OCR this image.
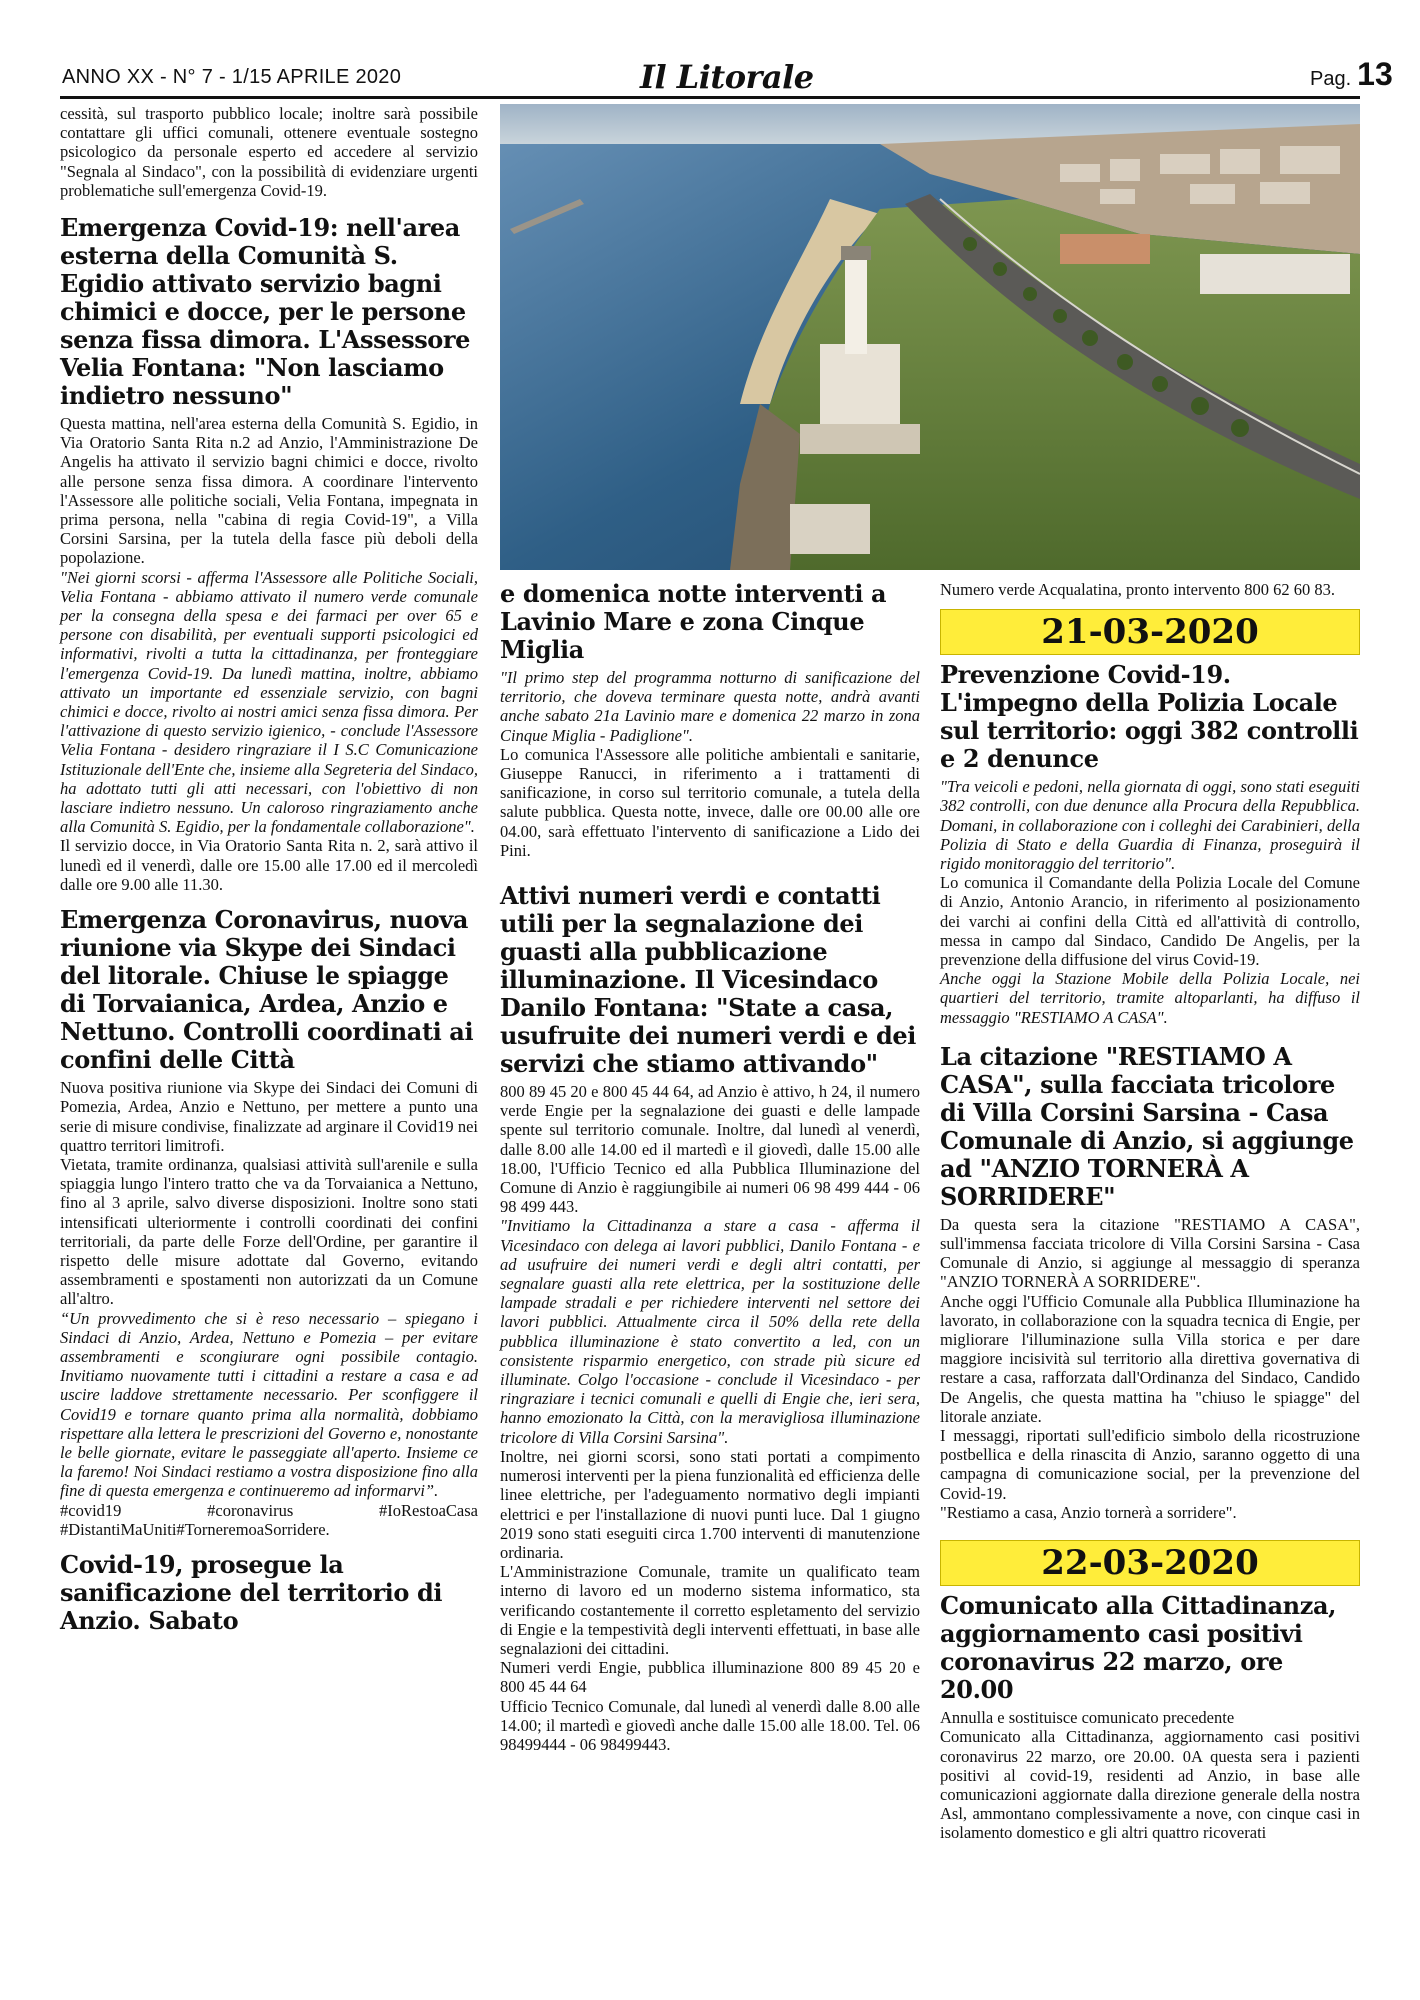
ANNO XX - N° 7 - 1/15 APRILE 2020	Il Litorale	Pag. 13

cessità, sul trasporto pubblico locale; inoltre sarà possibile contattare gli uffici comunali, ottenere eventuale sostegno psicologico da personale esperto ed accedere al servizio "Segnala al Sindaco", con la possibilità di evidenziare urgenti problematiche sull'emergenza Covid-19.

Emergenza Covid-19: nell'area esterna della Comunità S. Egidio attivato servizio bagni chimici e docce, per le persone senza fissa dimora. L'Assessore Velia Fontana: "Non lasciamo indietro nessuno"

Questa mattina, nell'area esterna della Comunità S. Egidio, in Via Oratorio Santa Rita n.2 ad Anzio, l'Amministrazione De Angelis ha attivato il servizio bagni chimici e docce, rivolto alle persone senza fissa dimora. A coordinare l'intervento l'Assessore alle politiche sociali, Velia Fontana, impegnata in prima persona, nella "cabina di regia Covid-19", a Villa Corsini Sarsina, per la tutela della fasce più deboli della popolazione.

"Nei giorni scorsi - afferma l'Assessore alle Politiche Sociali, Velia Fontana - abbiamo attivato il numero verde comunale per la consegna della spesa e dei farmaci per over 65 e persone con disabilità, per eventuali supporti psicologici ed informativi, rivolti a tutta la cittadinanza, per fronteggiare l'emergenza Covid-19. Da lunedì mattina, inoltre, abbiamo attivato un importante ed essenziale servizio, con bagni chimici e docce, rivolto ai nostri amici senza fissa dimora. Per l'attivazione di questo servizio igienico, - conclude l'Assessore Velia Fontana - desidero ringraziare il I S.C Comunicazione Istituzionale dell'Ente che, insieme alla Segreteria del Sindaco, ha adottato tutti gli atti necessari, con l'obiettivo di non lasciare indietro nessuno. Un caloroso ringraziamento anche alla Comunità S. Egidio, per la fondamentale collaborazione".

Il servizio docce, in Via Oratorio Santa Rita n. 2, sarà attivo il lunedì ed il venerdì, dalle ore 15.00 alle 17.00 ed il mercoledì dalle ore 9.00 alle 11.30.

Emergenza Coronavirus, nuova riunione via Skype dei Sindaci del litorale. Chiuse le spiagge di Torvaianica, Ardea, Anzio e Nettuno. Controlli coordinati ai confini delle Città

Nuova positiva riunione via Skype dei Sindaci dei Comuni di Pomezia, Ardea, Anzio e Nettuno, per mettere a punto una serie di misure condivise, finalizzate ad arginare il Covid19 nei quattro territori limitrofi.

Vietata, tramite ordinanza, qualsiasi attività sull'arenile e sulla spiaggia lungo l'intero tratto che va da Torvaianica a Nettuno, fino al 3 aprile, salvo diverse disposizioni. Inoltre sono stati intensificati ulteriormente i controlli coordinati dei confini territoriali, da parte delle Forze dell'Ordine, per garantire il rispetto delle misure adottate dal Governo, evitando assembramenti e spostamenti non autorizzati da un Comune all'altro.

“Un provvedimento che si è reso necessario – spiegano i Sindaci di Anzio, Ardea, Nettuno e Pomezia – per evitare assembramenti e scongiurare ogni possibile contagio. Invitiamo nuovamente tutti i cittadini a restare a casa e ad uscire laddove strettamente necessario. Per sconfiggere il Covid19 e tornare quanto prima alla normalità, dobbiamo rispettare alla lettera le prescrizioni del Governo e, nonostante le belle giornate, evitare le passeggiate all'aperto. Insieme ce la faremo! Noi Sindaci restiamo a vostra disposizione fino alla fine di questa emergenza e continueremo ad informarvi”.

#covid19 #coronavirus #IoRestoaCasa #DistantiMaUniti#TorneremoaSorridere.

Covid-19, prosegue la sanificazione del territorio di Anzio. Sabato
e domenica notte interventi a Lavinio Mare e zona Cinque Miglia

"Il primo step del programma notturno di sanificazione del territorio, che doveva terminare questa notte, andrà avanti anche sabato 21a Lavinio mare e domenica 22 marzo in zona Cinque Miglia - Padiglione".

Lo comunica l'Assessore alle politiche ambientali e sanitarie, Giuseppe Ranucci, in riferimento a i trattamenti di sanificazione, in corso sul territorio comunale, a tutela della salute pubblica. Questa notte, invece, dalle ore 00.00 alle ore 04.00, sarà effettuato l'intervento di sanificazione a Lido dei Pini.

Attivi numeri verdi e contatti utili per la segnalazione dei guasti alla pubblicazione illuminazione. Il Vicesindaco Danilo Fontana: "State a casa, usufruite dei numeri verdi e dei servizi che stiamo attivando"

800 89 45 20 e 800 45 44 64, ad Anzio è attivo, h 24, il numero verde Engie per la segnalazione dei guasti e delle lampade spente sul territorio comunale. Inoltre, dal lunedì al venerdì, dalle 8.00 alle 14.00 ed il martedì e il giovedì, dalle 15.00 alle 18.00, l'Ufficio Tecnico ed alla Pubblica Illuminazione del Comune di Anzio è raggiungibile ai numeri 06 98 499 444 - 06 98 499 443.

"Invitiamo la Cittadinanza a stare a casa - afferma il Vicesindaco con delega ai lavori pubblici, Danilo Fontana - e ad usufruire dei numeri verdi e degli altri contatti, per segnalare guasti alla rete elettrica, per la sostituzione delle lampade stradali e per richiedere interventi nel settore dei lavori pubblici. Attualmente circa il 50% della rete della pubblica illuminazione è stato convertito a led, con un consistente risparmio energetico, con strade più sicure ed illuminate. Colgo l'occasione - conclude il Vicesindaco - per ringraziare i tecnici comunali e quelli di Engie che, ieri sera, hanno emozionato la Città, con la meravigliosa illuminazione tricolore di Villa Corsini Sarsina".

Inoltre, nei giorni scorsi, sono stati portati a compimento numerosi interventi per la piena funzionalità ed efficienza delle linee elettriche, per l'adeguamento normativo degli impianti elettrici e per l'installazione di nuovi punti luce. Dal 1 giugno 2019 sono stati eseguiti circa 1.700 interventi di manutenzione ordinaria.

L'Amministrazione Comunale, tramite un qualificato team interno di lavoro ed un moderno sistema informatico, sta verificando costantemente il corretto espletamento del servizio di Engie e la tempestività degli interventi effettuati, in base alle segnalazioni dei cittadini.

Numeri verdi Engie, pubblica illuminazione 800 89 45 20 e 800 45 44 64

Ufficio Tecnico Comunale, dal lunedì al venerdì dalle 8.00 alle 14.00; il martedì e giovedì anche dalle 15.00 alle 18.00. Tel. 06 98499444 - 06 98499443.

Numero verde Acqualatina, pronto intervento 800 62 60 83.

21-03-2020
Prevenzione Covid-19. L'impegno della Polizia Locale sul territorio: oggi 382 controlli e 2 denunce

"Tra veicoli e pedoni, nella giornata di oggi, sono stati eseguiti 382 controlli, con due denunce alla Procura della Repubblica. Domani, in collaborazione con i colleghi dei Carabinieri, della Polizia di Stato e della Guardia di Finanza, proseguirà il rigido monitoraggio del territorio".

Lo comunica il Comandante della Polizia Locale del Comune di Anzio, Antonio Arancio, in riferimento al posizionamento dei varchi ai confini della Città ed all'attività di controllo, messa in campo dal Sindaco, Candido De Angelis, per la prevenzione della diffusione del virus Covid-19.

Anche oggi la Stazione Mobile della Polizia Locale, nei quartieri del territorio, tramite altoparlanti, ha diffuso il messaggio "RESTIAMO A CASA".

La citazione "RESTIAMO A CASA", sulla facciata tricolore di Villa Corsini Sarsina - Casa Comunale di Anzio, si aggiunge ad "ANZIO TORNERÀ A SORRIDERE"

Da questa sera la citazione "RESTIAMO A CASA", sull'immensa facciata tricolore di Villa Corsini Sarsina - Casa Comunale di Anzio, si aggiunge al messaggio di speranza "ANZIO TORNERÀ A SORRIDERE".

Anche oggi l'Ufficio Comunale alla Pubblica Illuminazione ha lavorato, in collaborazione con la squadra tecnica di Engie, per migliorare l'illuminazione sulla Villa storica e per dare maggiore incisività sul territorio alla direttiva governativa di restare a casa, rafforzata dall'Ordinanza del Sindaco, Candido De Angelis, che questa mattina ha "chiuso le spiagge" del litorale anziate.

I messaggi, riportati sull'edificio simbolo della ricostruzione postbellica e della rinascita di Anzio, saranno oggetto di una campagna di comunicazione social, per la prevenzione del Covid-19.

"Restiamo a casa, Anzio tornerà a sorridere".

22-03-2020
Comunicato alla Cittadinanza, aggiornamento casi positivi coronavirus 22 marzo, ore 20.00

Annulla e sostituisce comunicato precedente

Comunicato alla Cittadinanza, aggiornamento casi positivi coronavirus 22 marzo, ore 20.00. 0A questa sera i pazienti positivi al covid-19, residenti ad Anzio, in base alle comunicazioni aggiornate dalla direzione generale della nostra Asl, ammontano complessivamente a nove, con cinque casi in isolamento domestico e gli altri quattro ricoverati
